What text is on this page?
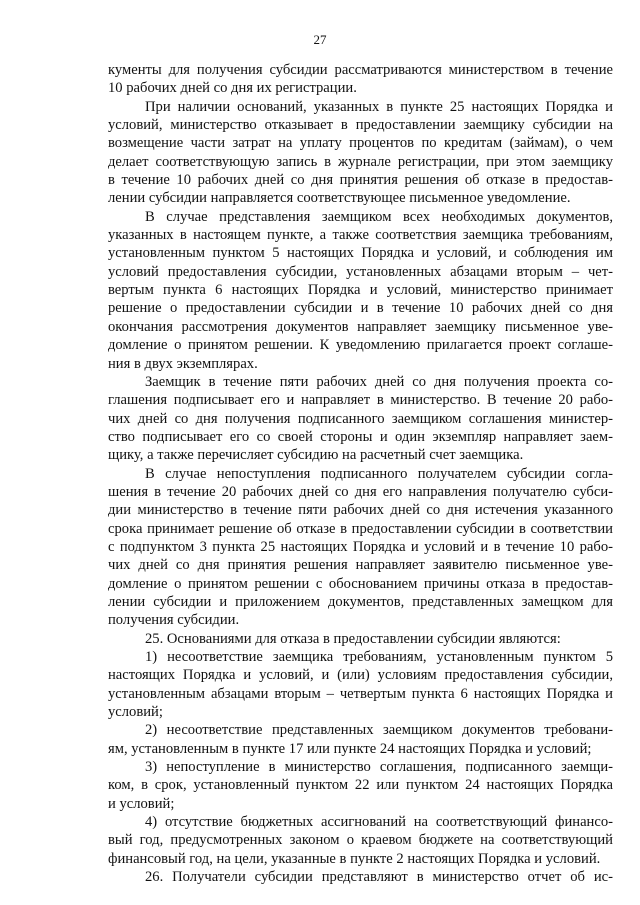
27
кументы для получения субсидии рассматриваются министерством в течение
10 рабочих дней со дня их регистрации.
При наличии оснований, указанных в пункте 25 настоящих Порядка и
условий, министерство отказывает в предоставлении заемщику субсидии на
возмещение части затрат на уплату процентов по кредитам (займам), о чем
делает соответствующую запись в журнале регистрации, при этом заемщику
в течение 10 рабочих дней со дня принятия решения об отказе в предостав-
лении субсидии направляется соответствующее письменное уведомление.
В случае представления заемщиком всех необходимых документов,
указанных в настоящем пункте, а также соответствия заемщика требованиям,
установленным пунктом 5 настоящих Порядка и условий, и соблюдения им
условий предоставления субсидии, установленных абзацами вторым – чет-
вертым пункта 6 настоящих Порядка и условий, министерство принимает
решение о предоставлении субсидии и в течение 10 рабочих дней со дня
окончания рассмотрения документов направляет заемщику письменное уве-
домление о принятом решении. К уведомлению прилагается проект соглаше-
ния в двух экземплярах.
Заемщик в течение пяти рабочих дней со дня получения проекта со-
глашения подписывает его и направляет в министерство. В течение 20 рабо-
чих дней со дня получения подписанного заемщиком соглашения министер-
ство подписывает его со своей стороны и один экземпляр направляет заем-
щику, а также перечисляет субсидию на расчетный счет заемщика.
В случае непоступления подписанного получателем субсидии согла-
шения в течение 20 рабочих дней со дня его направления получателю субси-
дии министерство в течение пяти рабочих дней со дня истечения указанного
срока принимает решение об отказе в предоставлении субсидии в соответствии
с подпунктом 3 пункта 25 настоящих Порядка и условий и в течение 10 рабо-
чих дней со дня принятия решения направляет заявителю письменное уве-
домление о принятом решении с обоснованием причины отказа в предостав-
лении субсидии и приложением документов, представленных замещком для
получения субсидии.
25. Основаниями для отказа в предоставлении субсидии являются:
1) несоответствие заемщика требованиям, установленным пунктом 5
настоящих Порядка и условий, и (или) условиям предоставления субсидии,
установленным абзацами вторым – четвертым пункта 6 настоящих Порядка и
условий;
2) несоответствие представленных заемщиком документов требовани-
ям, установленным в пункте 17 или пункте 24 настоящих Порядка и условий;
3) непоступление в министерство соглашения, подписанного заемщи-
ком, в срок, установленный пунктом 22 или пунктом 24 настоящих Порядка
и условий;
4) отсутствие бюджетных ассигнований на соответствующий финансо-
вый год, предусмотренных законом о краевом бюджете на соответствующий
финансовый год, на цели, указанные в пункте 2 настоящих Порядка и условий.
26. Получатели субсидии представляют в министерство отчет об ис-
